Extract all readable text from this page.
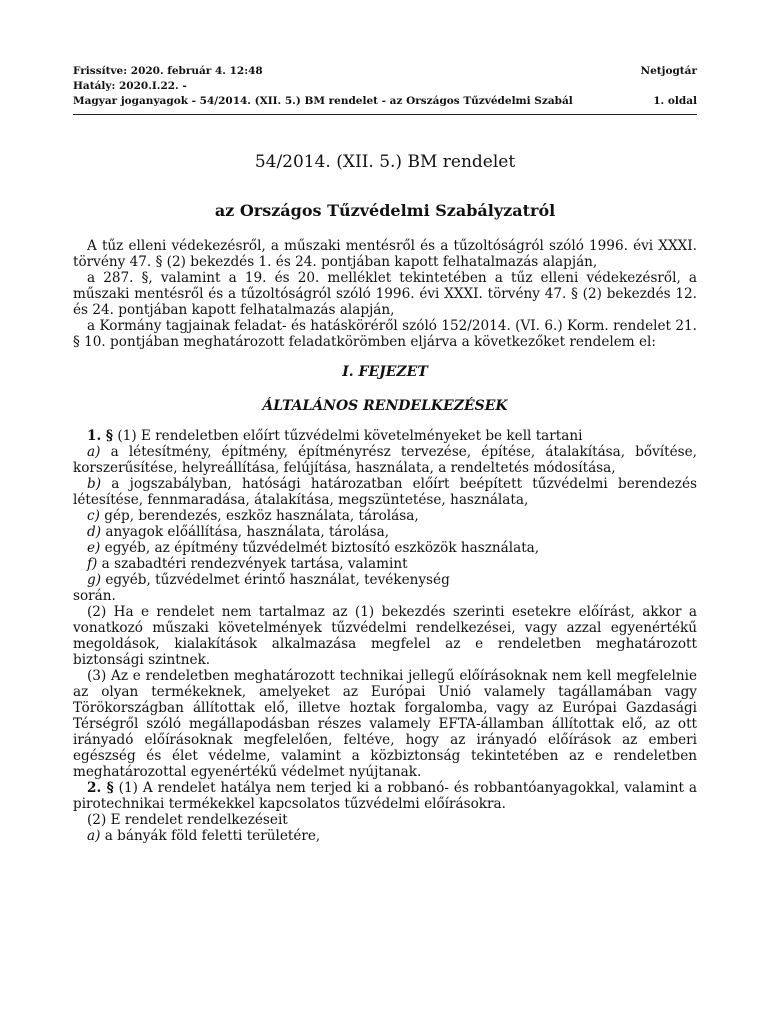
Frissítve: 2020. február 4. 12:48	Netjogtár
Hatály: 2020.I.22. -
Magyar joganyagok - 54/2014. (XII. 5.) BM rendelet - az Országos Tűzvédelmi Szabál	1. oldal
54/2014. (XII. 5.) BM rendelet
az Országos Tűzvédelmi Szabályzatról

A tűz elleni védekezésről, a műszaki mentésről és a tűzoltóságról szóló 1996. évi XXXI. törvény 47. § (2) bekezdés 1. és 24. pontjában kapott felhatalmazás alapján,

a 287. §, valamint a 19. és 20. melléklet tekintetében a tűz elleni védekezésről, a műszaki mentésről és a tűzoltóságról szóló 1996. évi XXXI. törvény 47. § (2) bekezdés 12. és 24. pontjában kapott felhatalmazás alapján,

a Kormány tagjainak feladat- és hatásköréről szóló 152/2014. (VI. 6.) Korm. rendelet 21. § 10. pontjában meghatározott feladatkörömben eljárva a következőket rendelem el:

I. FEJEZET

ÁLTALÁNOS RENDELKEZÉSEK

1. § (1) E rendeletben előírt tűzvédelmi követelményeket be kell tartani

a) a létesítmény, építmény, építményrész tervezése, építése, átalakítása, bővítése, korszerűsítése, helyreállítása, felújítása, használata, a rendeltetés módosítása,

b) a jogszabályban, hatósági határozatban előírt beépített tűzvédelmi berendezés létesítése, fennmaradása, átalakítása, megszüntetése, használata,

c) gép, berendezés, eszköz használata, tárolása,

d) anyagok előállítása, használata, tárolása,

e) egyéb, az építmény tűzvédelmét biztosító eszközök használata,

f) a szabadtéri rendezvények tartása, valamint

g) egyéb, tűzvédelmet érintő használat, tevékenység

során.

(2) Ha e rendelet nem tartalmaz az (1) bekezdés szerinti esetekre előírást, akkor a vonatkozó műszaki követelmények tűzvédelmi rendelkezései, vagy azzal egyenértékű megoldások, kialakítások alkalmazása megfelel az e rendeletben meghatározott biztonsági szintnek.

(3) Az e rendeletben meghatározott technikai jellegű előírásoknak nem kell megfelelnie az olyan termékeknek, amelyeket az Európai Unió valamely tagállamában vagy Törökországban állítottak elő, illetve hoztak forgalomba, vagy az Európai Gazdasági Térségről szóló megállapodásban részes valamely EFTA-államban állítottak elő, az ott irányadó előírásoknak megfelelően, feltéve, hogy az irányadó előírások az emberi egészség és élet védelme, valamint a közbiztonság tekintetében az e rendeletben meghatározottal egyenértékű védelmet nyújtanak.

2. § (1) A rendelet hatálya nem terjed ki a robbanó- és robbantóanyagokkal, valamint a pirotechnikai termékekkel kapcsolatos tűzvédelmi előírásokra.

(2) E rendelet rendelkezéseit

a) a bányák föld feletti területére,
